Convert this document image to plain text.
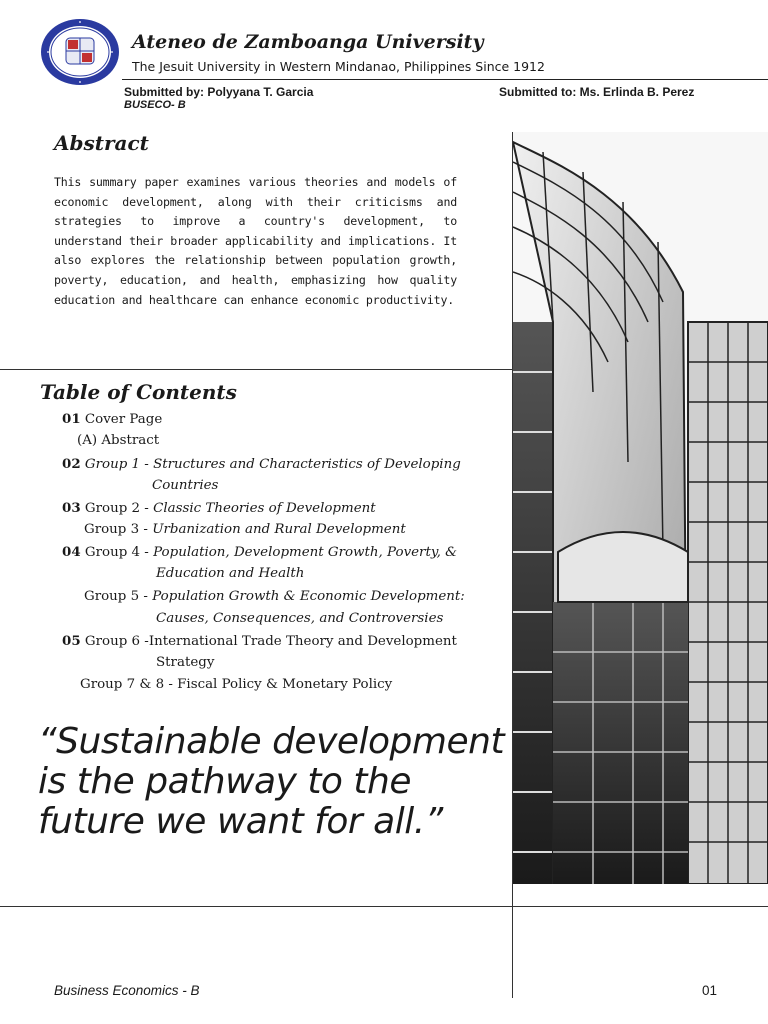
Ateneo de Zamboanga University
The Jesuit University in Western Mindanao, Philippines Since 1912
Submitted by: Polyyana T. Garcia
BUSECO- B
Submitted to: Ms. Erlinda B. Perez
Abstract
This summary paper examines various theories and models of economic development, along with their criticisms and strategies to improve a country's development, to understand their broader applicability and implications. It also explores the relationship between population growth, poverty, education, and health, emphasizing how quality education and healthcare can enhance economic productivity.
Table of Contents
01 Cover Page
(A) Abstract
02 Group 1 - Structures and Characteristics of Developing
Countries
03 Group 2 - Classic Theories of Development
Group 3 - Urbanization and Rural Development
04 Group 4 - Population, Development Growth, Poverty, &
Education and Health
Group 5 - Population Growth & Economic Development:
Causes, Consequences, and Controversies
05 Group 6 -International Trade Theory and Development
Strategy
Group 7 & 8 - Fiscal Policy & Monetary Policy
“Sustainable development is the pathway to the future we want for all.”
Business Economics - B	01
